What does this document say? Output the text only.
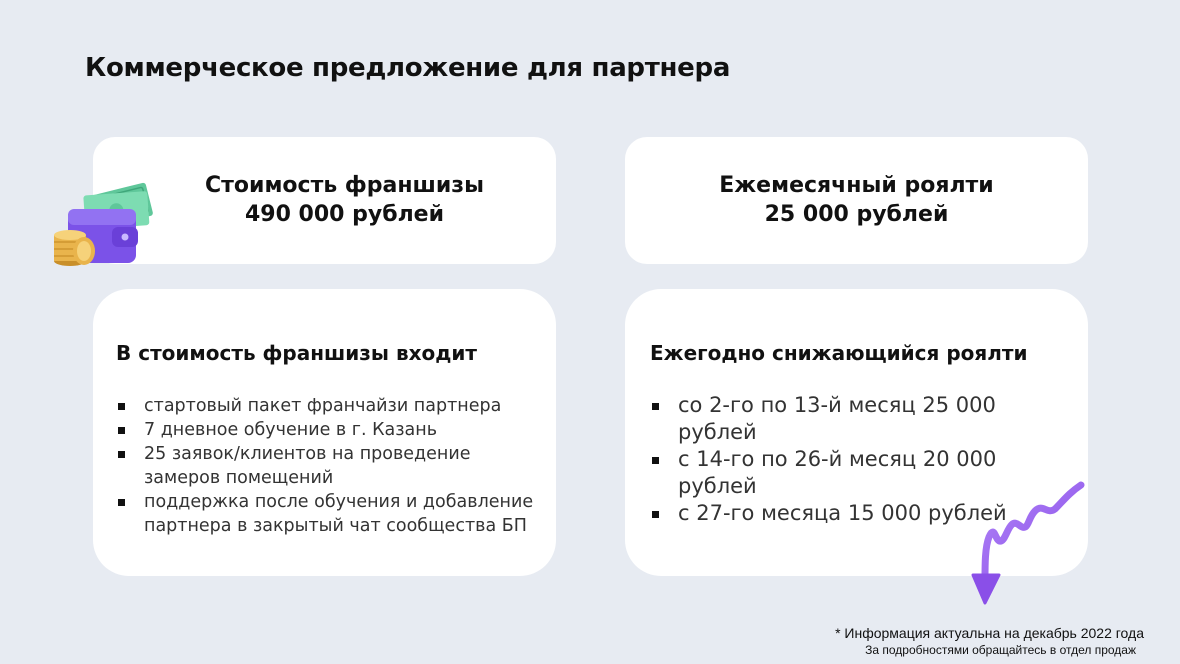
Коммерческое предложение для партнера
Стоимость франшизы
490 000 рублей
Ежемесячный роялти
25 000 рублей
В стоимость франшизы входит
стартовый пакет франчайзи партнера
7 дневное обучение в г. Казань
25 заявок/клиентов на проведение замеров помещений
поддержка после обучения и добавление партнера в закрытый чат сообщества БП
Ежегодно снижающийся роялти
со 2-го по 13-й месяц 25 000 рублей
с 14-го по 26-й месяц 20 000 рублей
с 27-го месяца 15 000 рублей
* Информация актуальна на декабрь 2022 года
За подробностями обращайтесь в отдел продаж
